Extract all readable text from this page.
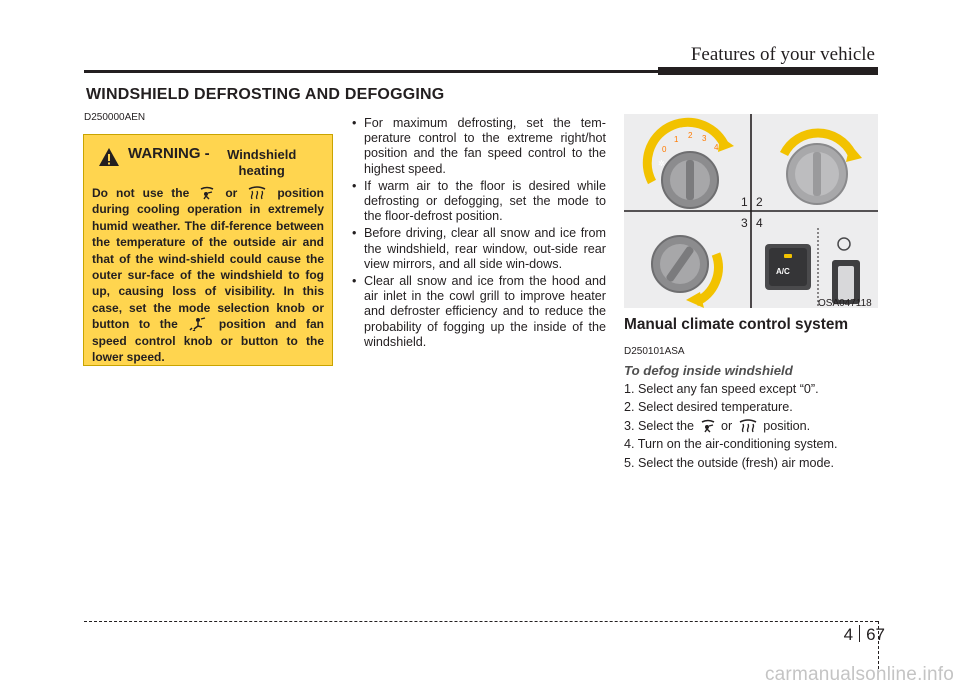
Features of your vehicle
WINDSHIELD DEFROSTING AND DEFOGGING
D250000AEN
WARNING -	Windshield heating
Do not use the	or	position during cooling operation in extremely humid weather. The dif-ference between the temperature of the outside air and that of the wind-shield could cause the outer sur-face of the windshield to fog up, causing loss of visibility. In this case, set the mode selection knob or button to the	position and fan speed control knob or button to the lower speed.
• For maximum defrosting, set the tem-perature control to the extreme right/hot position and the fan speed control to the highest speed.
• If warm air to the floor is desired while defrosting or defogging, set the mode to the floor-defrost position.
• Before driving, clear all snow and ice from the windshield, rear window, out-side rear view mirrors, and all side win-dows.
• Clear all snow and ice from the hood and air inlet in the cowl grill to improve heater and defroster efficiency and to reduce the probability of fogging up the inside of the windshield.
0
1 2 3
4
✲
A/C
1 2
3 4
OSA047118
Manual climate control system
D250101ASA
To defog inside windshield
1. Select any fan speed except “0”.
2. Select desired temperature.
3. Select the or position.
4. Turn on the air-conditioning system.
5. Select the outside (fresh) air mode.
4 67
carmanualsonline.info
